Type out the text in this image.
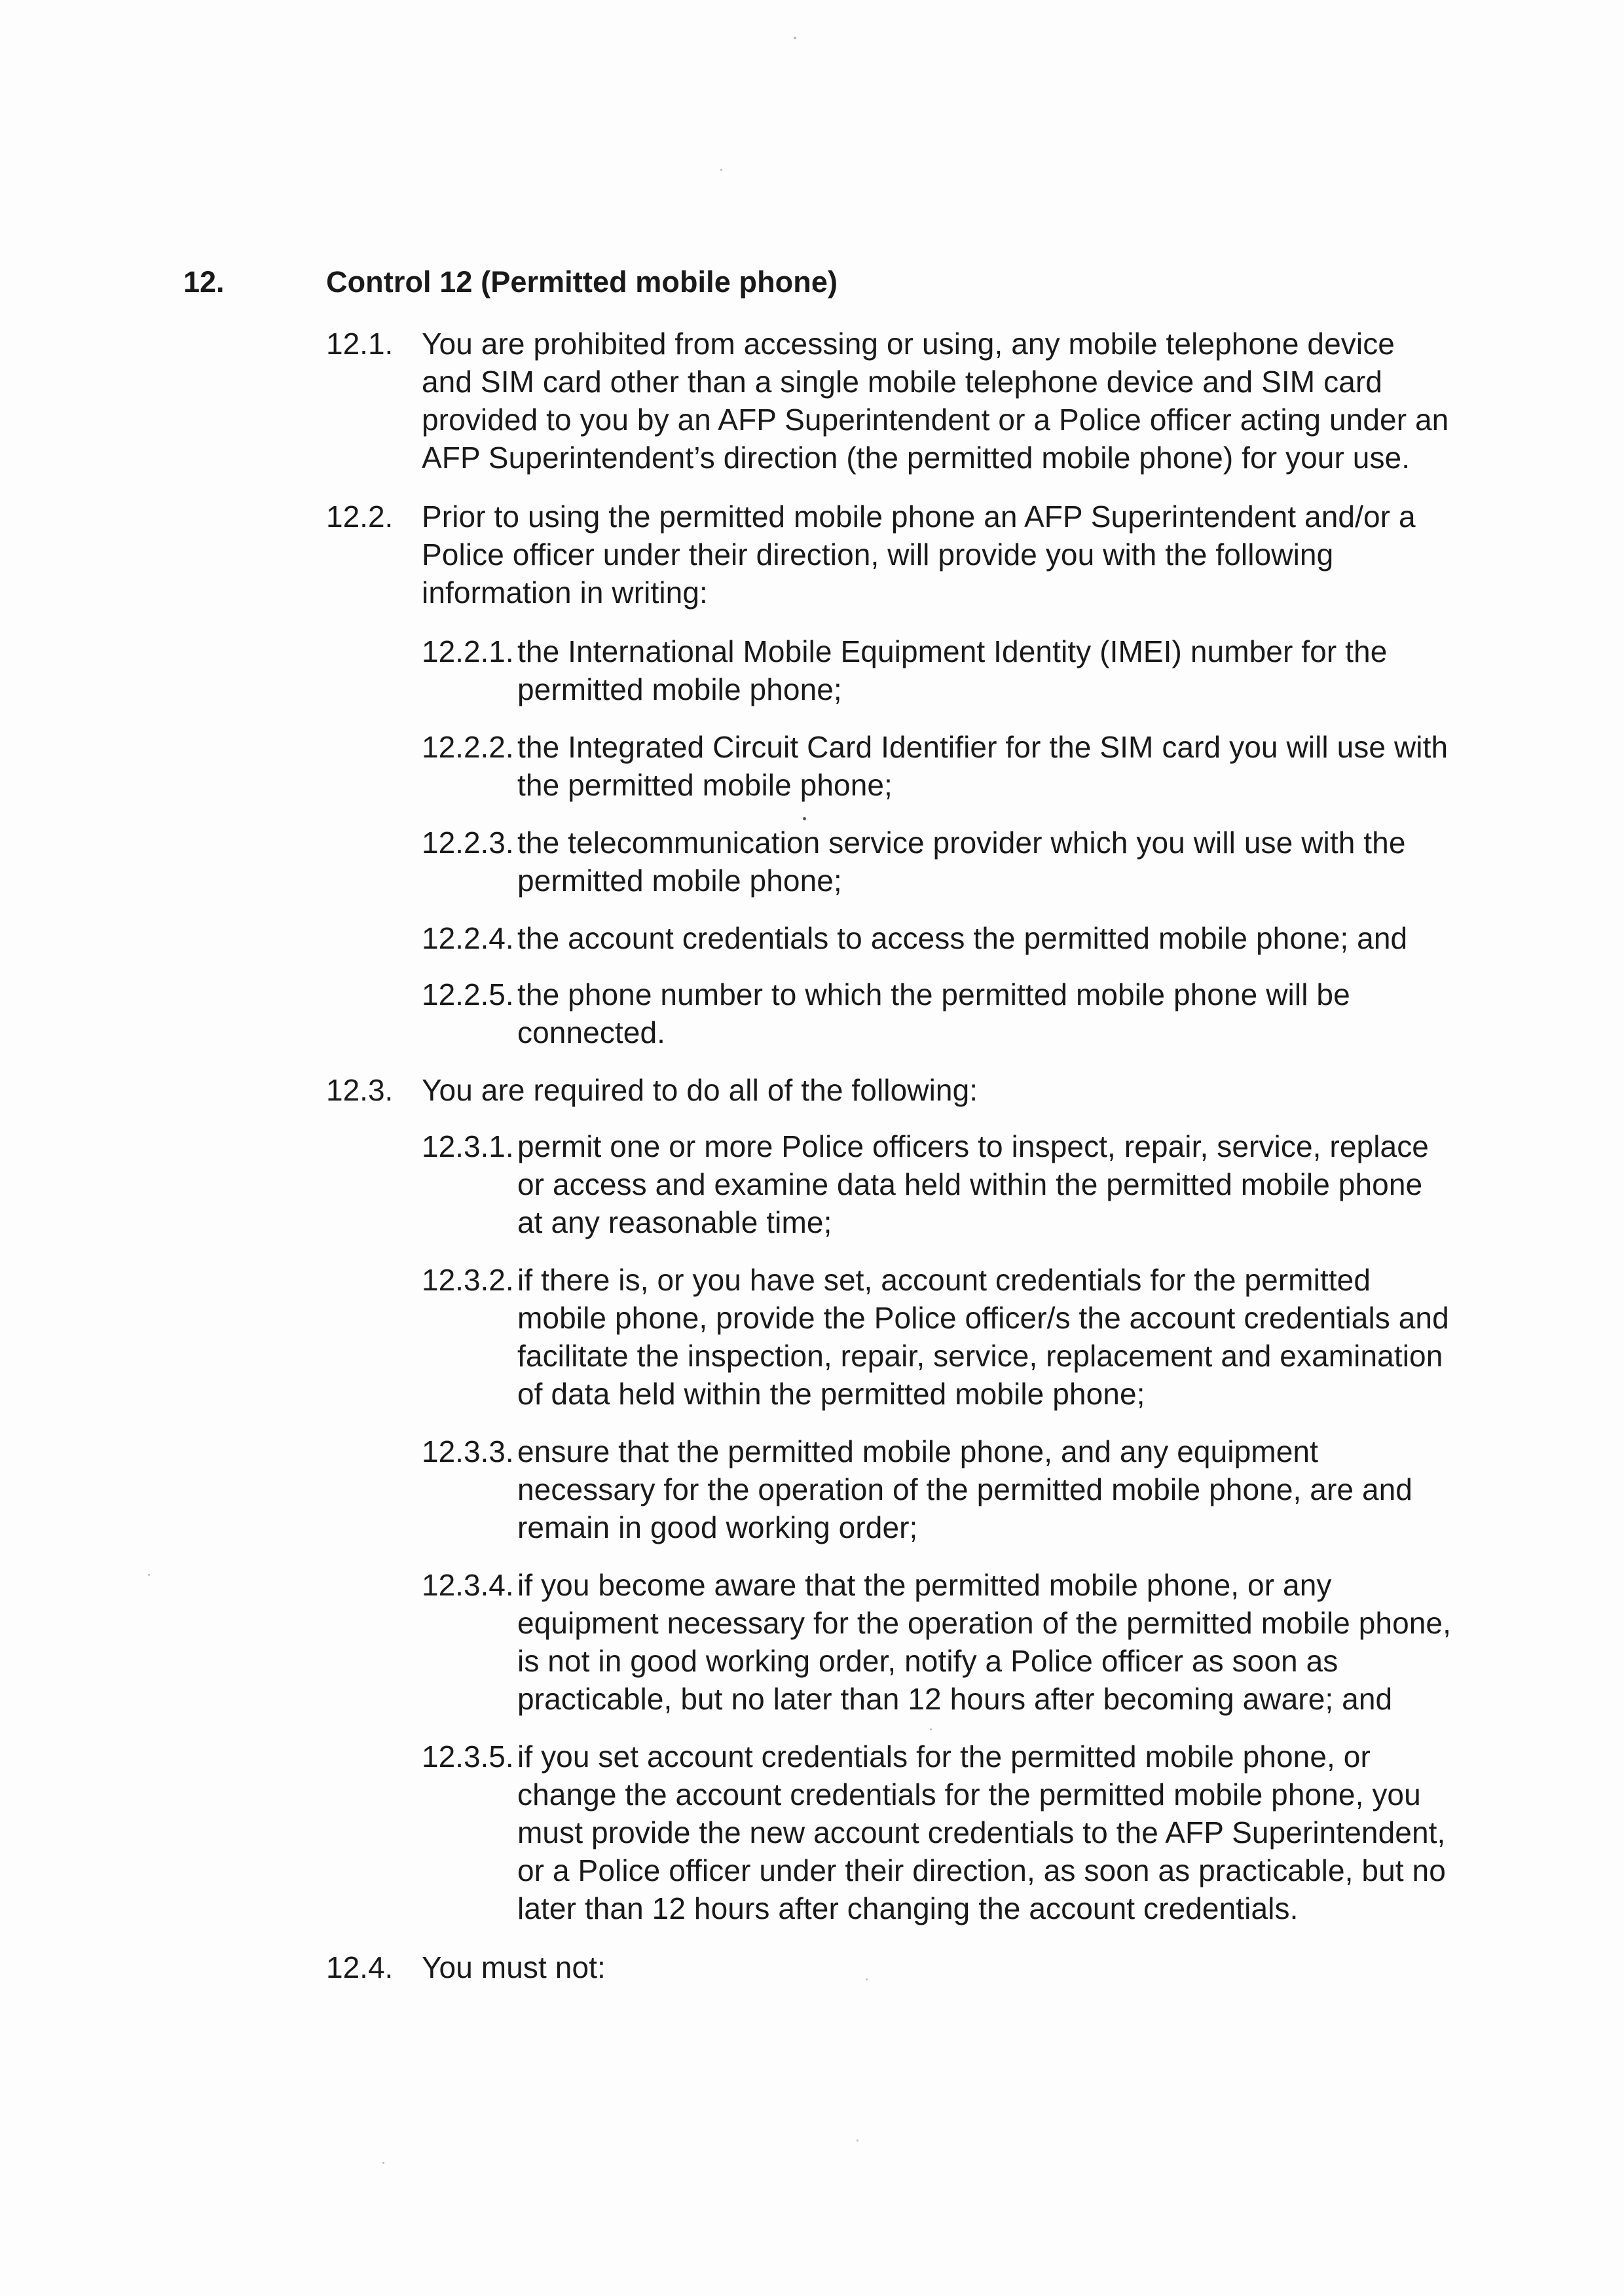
12.	Control 12 (Permitted mobile phone)
12.1. You are prohibited from accessing or using, any mobile telephone device
and SIM card other than a single mobile telephone device and SIM card
provided to you by an AFP Superintendent or a Police officer acting under an
AFP Superintendent’s direction (the permitted mobile phone) for your use.
12.2. Prior to using the permitted mobile phone an AFP Superintendent and/or a
Police officer under their direction, will provide you with the following
information in writing:
12.2.1. the International Mobile Equipment Identity (IMEI) number for the
permitted mobile phone;
12.2.2. the Integrated Circuit Card Identifier for the SIM card you will use with
the permitted mobile phone;
12.2.3. the telecommunication service provider which you will use with the
permitted mobile phone;
12.2.4. the account credentials to access the permitted mobile phone; and
12.2.5. the phone number to which the permitted mobile phone will be
connected.
12.3. You are required to do all of the following:
12.3.1. permit one or more Police officers to inspect, repair, service, replace
or access and examine data held within the permitted mobile phone
at any reasonable time;
12.3.2. if there is, or you have set, account credentials for the permitted
mobile phone, provide the Police officer/s the account credentials and
facilitate the inspection, repair, service, replacement and examination
of data held within the permitted mobile phone;
12.3.3. ensure that the permitted mobile phone, and any equipment
necessary for the operation of the permitted mobile phone, are and
remain in good working order;
12.3.4. if you become aware that the permitted mobile phone, or any
equipment necessary for the operation of the permitted mobile phone,
is not in good working order, notify a Police officer as soon as
practicable, but no later than 12 hours after becoming aware; and
12.3.5. if you set account credentials for the permitted mobile phone, or
change the account credentials for the permitted mobile phone, you
must provide the new account credentials to the AFP Superintendent,
or a Police officer under their direction, as soon as practicable, but no
later than 12 hours after changing the account credentials.
12.4. You must not:
